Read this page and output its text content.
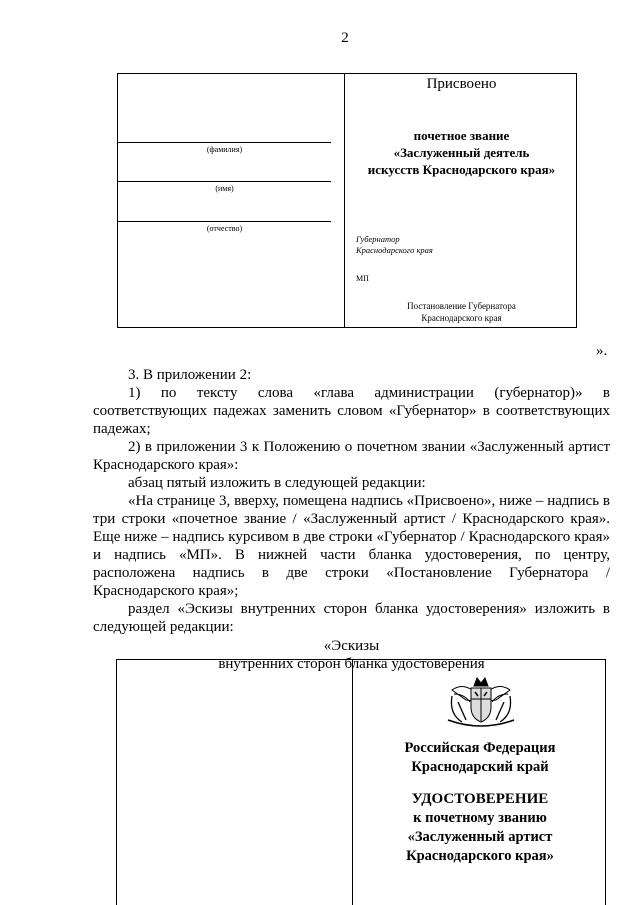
2
(фамилия)
(имя)
(отчество)
Присвоено
почетное звание
«Заслуженный деятель
искусств Краснодарского края»
Губернатор
Краснодарского края
МП
Постановление Губернатора
Краснодарского края
».

3. В приложении 2:

1) по тексту слова «глава администрации (губернатор)» в соответствующих падежах заменить словом «Губернатор» в соответствующих падежах;

2) в приложении 3 к Положению о почетном звании «Заслуженный артист Краснодарского края»:

абзац пятый изложить в следующей редакции:

«На странице 3, вверху, помещена надпись «Присвоено», ниже – надпись в три строки «почетное звание / «Заслуженный артист / Краснодарского края». Еще ниже – надпись курсивом в две строки «Губернатор / Краснодарского края» и надпись «МП». В нижней части бланка удостоверения, по центру, расположена надпись в две строки «Постановление Губернатора / Краснодарского края»;

раздел «Эскизы внутренних сторон бланка удостоверения» изложить в следующей редакции:

«Эскизы

внутренних сторон бланка удостоверения

Российская Федерация
Краснодарский край
УДОСТОВЕРЕНИЕ
к почетному званию
«Заслуженный артист
Краснодарского края»
